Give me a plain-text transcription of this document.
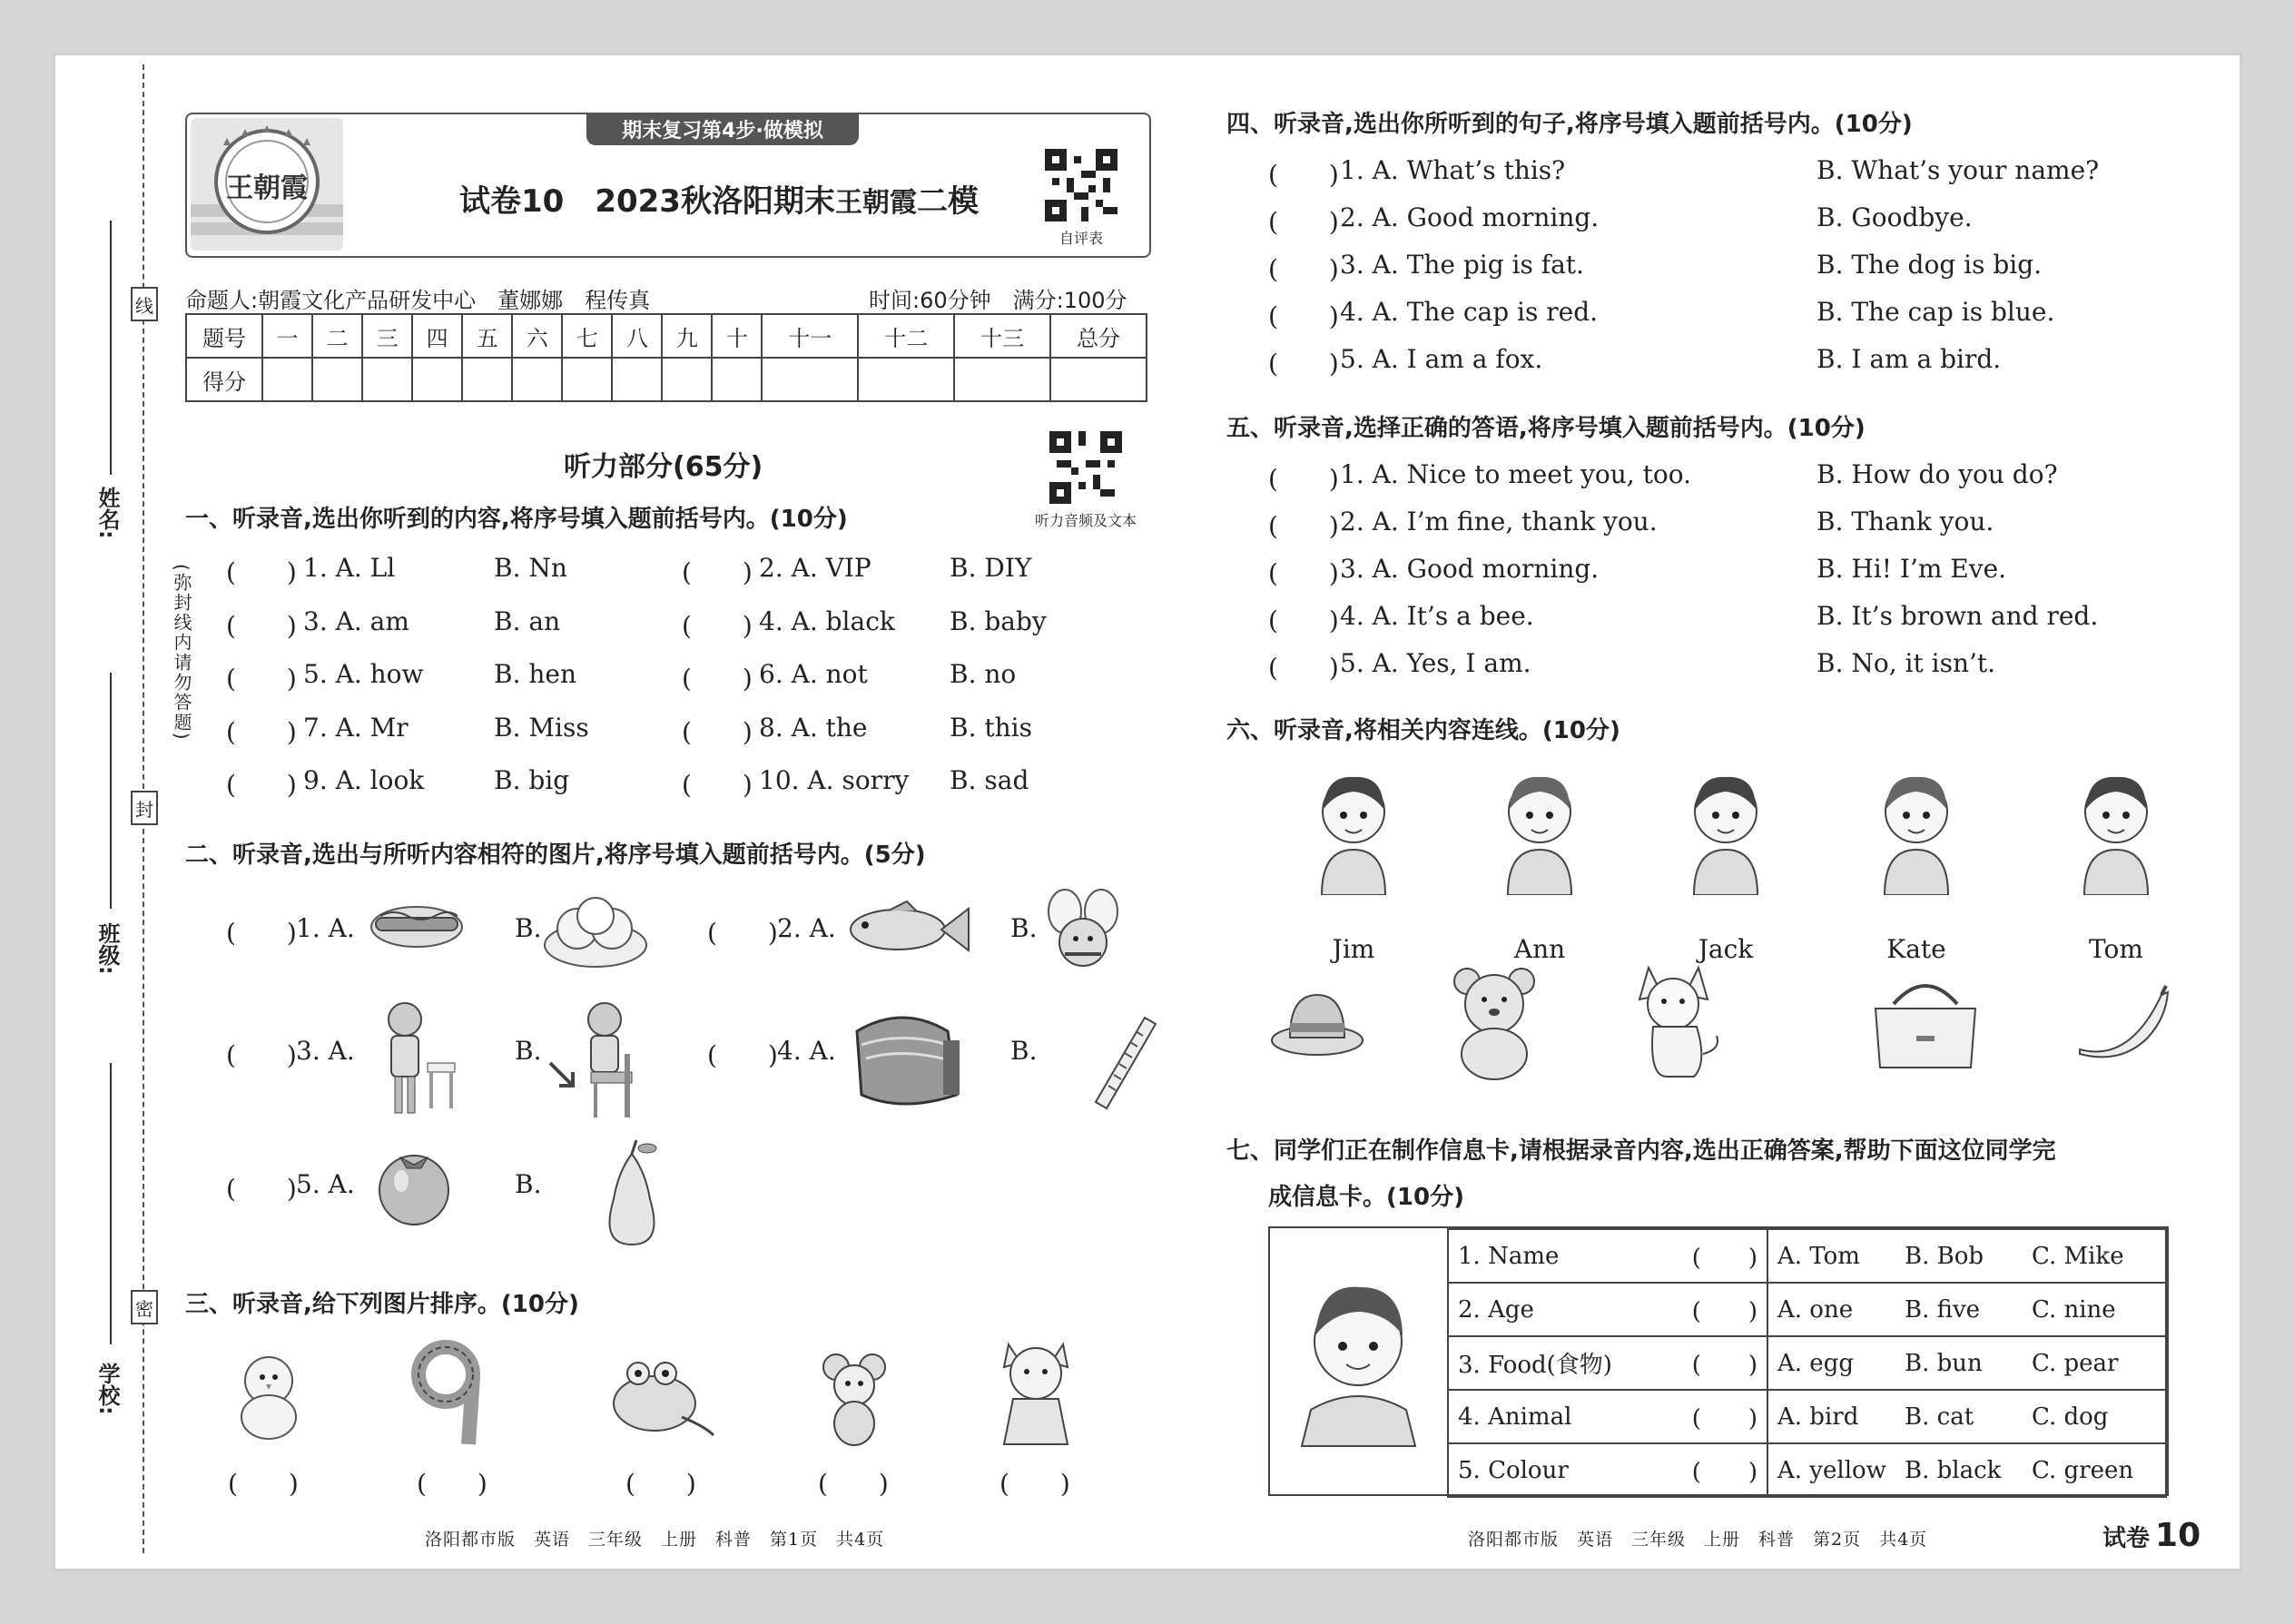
线
封
密
(弥封线内请勿答题)
姓名:
班级:
学校:
期末复习第4步·做模拟
王朝霞	试卷10　2023秋洛阳期末王朝霞二模
自评表
命题人:朝霞文化产品研发中心　董娜娜　程传真	时间:60分钟　满分:100分
题号	一	二	三	四	五	六	七	八	九	十	十一	十二	十三	总分
得分														
听力部分(65分)
听力音频及文本
一、听录音,选出你听到的内容,将序号填入题前括号内。(10分)
(　　) 1. A. Ll	B. Nn	(　　) 2. A. VIP	B. DIY
(　　) 3. A. am	B. an	(　　) 4. A. black B. baby
(　　) 5. A. how	B. hen	(　　) 6. A. not	B. no
(　　) 7. A. Mr	B. Miss	(　　) 8. A. the	B. this
(　　) 9. A. look	B. big	(　　) 10. A. sorry B. sad
二、听录音,选出与所听内容相符的图片,将序号填入题前括号内。(5分)
(　　) 1. A.	B.	(　　) 2. A.	B.
(　　) 3. A.	B.	(　　) 4. A.	B.
(　　) 5. A.	B.
三、听录音,给下列图片排序。(10分)
(　　)	(　　)	(　　)	(　　)	(　　)
四、听录音,选出你所听到的句子,将序号填入题前括号内。(10分)
(　　) 1. A. What’s this?	B. What’s your name?
(　　) 2. A. Good morning.	B. Goodbye.
(　　) 3. A. The pig is fat.	B. The dog is big.
(　　) 4. A. The cap is red.	B. The cap is blue.
(　　) 5. A. I am a fox.	B. I am a bird.
五、听录音,选择正确的答语,将序号填入题前括号内。(10分)
(　　) 1. A. Nice to meet you, too.	B. How do you do?
(　　) 2. A. I’m fine, thank you.	B. Thank you.
(　　) 3. A. Good morning.	B. Hi! I’m Eve.
(　　) 4. A. It’s a bee.	B. It’s brown and red.
(　　) 5. A. Yes, I am.	B. No, it isn’t.
六、听录音,将相关内容连线。(10分)
Jim	Ann	Jack	Kate	Tom
七、同学们正在制作信息卡,请根据录音内容,选出正确答案,帮助下面这位同学完
成信息卡。(10分)
1. Name	(　　)	A. Tom	B. Bob	C. Mike
2. Age	(　　)	A. one	B. five	C. nine
3. Food(食物)	(　　)	A. egg	B. bun	C. pear
4. Animal	(　　)	A. bird	B. cat	C. dog
5. Colour	(　　)	A. yellow	B. black	C. green
洛阳都市版　英语　三年级　上册　科普　第1页　共4页	洛阳都市版　英语　三年级　上册　科普　第2页　共4页	试卷 10
